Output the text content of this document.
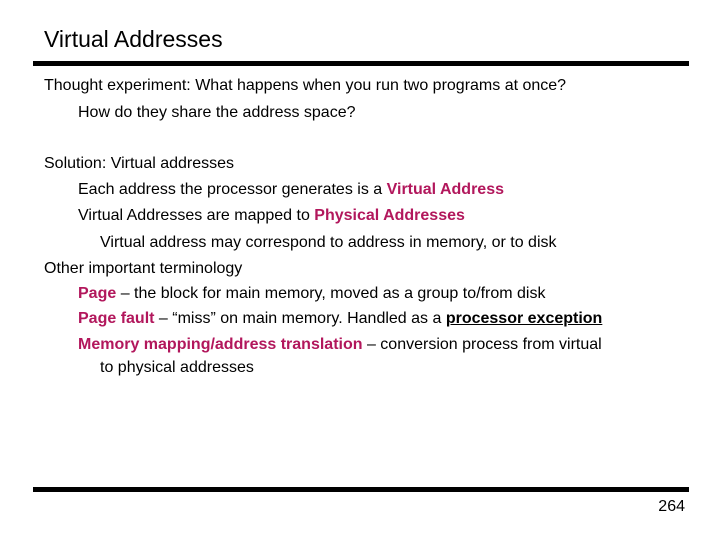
Virtual Addresses
Thought experiment: What happens when you run two programs at once?
How do they share the address space?
Solution: Virtual addresses
Each address the processor generates is a Virtual Address
Virtual Addresses are mapped to Physical Addresses
Virtual address may correspond to address in memory, or to disk
Other important terminology
Page – the block for main memory, moved as a group to/from disk
Page fault – “miss” on main memory. Handled as a processor exception
Memory mapping/address translation – conversion process from virtual
to physical addresses
264
